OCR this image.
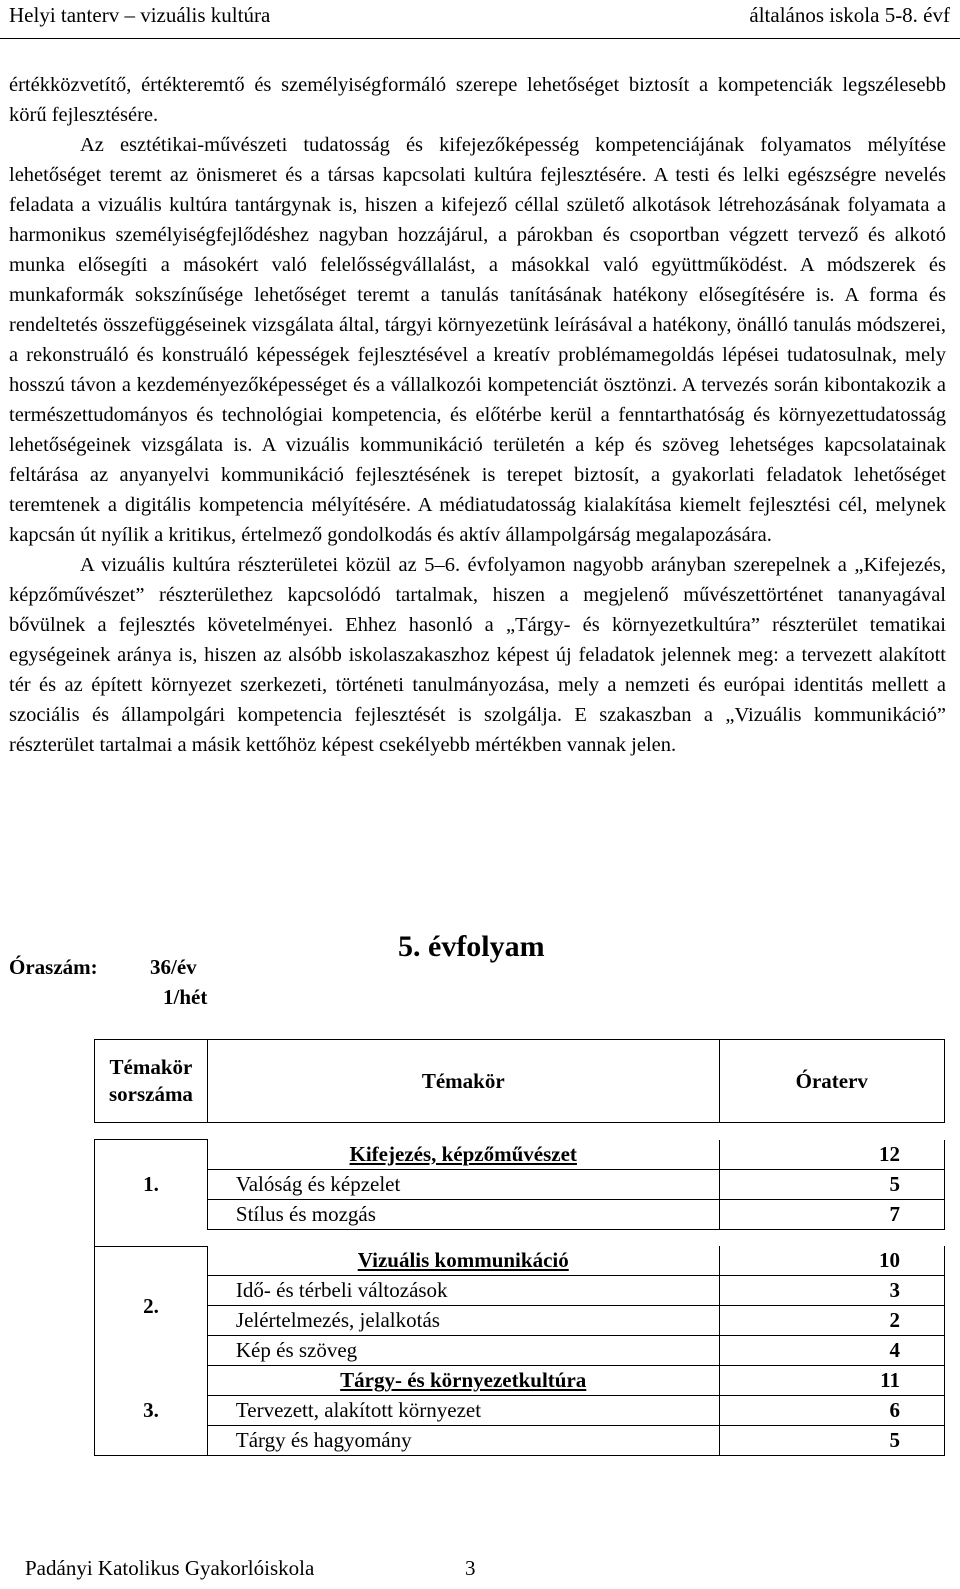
Helyi tanterv – vizuális kultúra	általános iskola 5-8. évf

értékközvetítő, értékteremtő és személyiségformáló szerepe lehetőséget biztosít a kompetenciák legszélesebb körű fejlesztésére.

Az esztétikai-művészeti tudatosság és kifejezőképesség kompetenciájának folyamatos mélyítése lehetőséget teremt az önismeret és a társas kapcsolati kultúra fejlesztésére. A testi és lelki egészségre nevelés feladata a vizuális kultúra tantárgynak is, hiszen a kifejező céllal születő alkotások létrehozásának folyamata a harmonikus személyiségfejlődéshez nagyban hozzájárul, a párokban és csoportban végzett tervező és alkotó munka elősegíti a másokért való felelősségvállalást, a másokkal való együttműködést. A módszerek és munkaformák sokszínűsége lehetőséget teremt a tanulás tanításának hatékony elősegítésére is. A forma és rendeltetés összefüggéseinek vizsgálata által, tárgyi környezetünk leírásával a hatékony, önálló tanulás módszerei, a rekonstruáló és konstruáló képességek fejlesztésével a kreatív problémamegoldás lépései tudatosulnak, mely hosszú távon a kezdeményezőképességet és a vállalkozói kompetenciát ösztönzi. A tervezés során kibontakozik a természettudományos és technológiai kompetencia, és előtérbe kerül a fenntarthatóság és környezettudatosság lehetőségeinek vizsgálata is. A vizuális kommunikáció területén a kép és szöveg lehetséges kapcsolatainak feltárása az anyanyelvi kommunikáció fejlesztésének is terepet biztosít, a gyakorlati feladatok lehetőséget teremtenek a digitális kompetencia mélyítésére. A médiatudatosság kialakítása kiemelt fejlesztési cél, melynek kapcsán út nyílik a kritikus, értelmező gondolkodás és aktív állampolgárság megalapozására.

A vizuális kultúra részterületei közül az 5–6. évfolyamon nagyobb arányban szerepelnek a „Kifejezés, képzőművészet” részterülethez kapcsolódó tartalmak, hiszen a megjelenő művészettörténet tananyagával bővülnek a fejlesztés követelményei. Ehhez hasonló a „Tárgy- és környezetkultúra” részterület tematikai egységeinek aránya is, hiszen az alsóbb iskolaszakaszhoz képest új feladatok jelennek meg: a tervezett alakított tér és az épített környezet szerkezeti, történeti tanulmányozása, mely a nemzeti és európai identitás mellett a szociális és állampolgári kompetencia fejlesztését is szolgálja. E szakaszban a „Vizuális kommunikáció” részterület tartalmai a másik kettőhöz képest csekélyebb mértékben vannak jelen.

5. évfolyam
Óraszám: 36/év
1/hét
Témakör sorszáma	Témakör	Óraterv

1.	Kifejezés, képzőművészet	12
	Valóság és képzelet	5
	Stílus és mozgás	7

2.	Vizuális kommunikáció	10
	Idő- és térbeli változások	3
	Jelértelmezés, jelalkotás	2
	Kép és szöveg	4
3.	Tárgy- és környezetkultúra	11
	Tervezett, alakított környezet	6
	Tárgy és hagyomány	5
Padányi Katolikus Gyakorlóiskola	3
